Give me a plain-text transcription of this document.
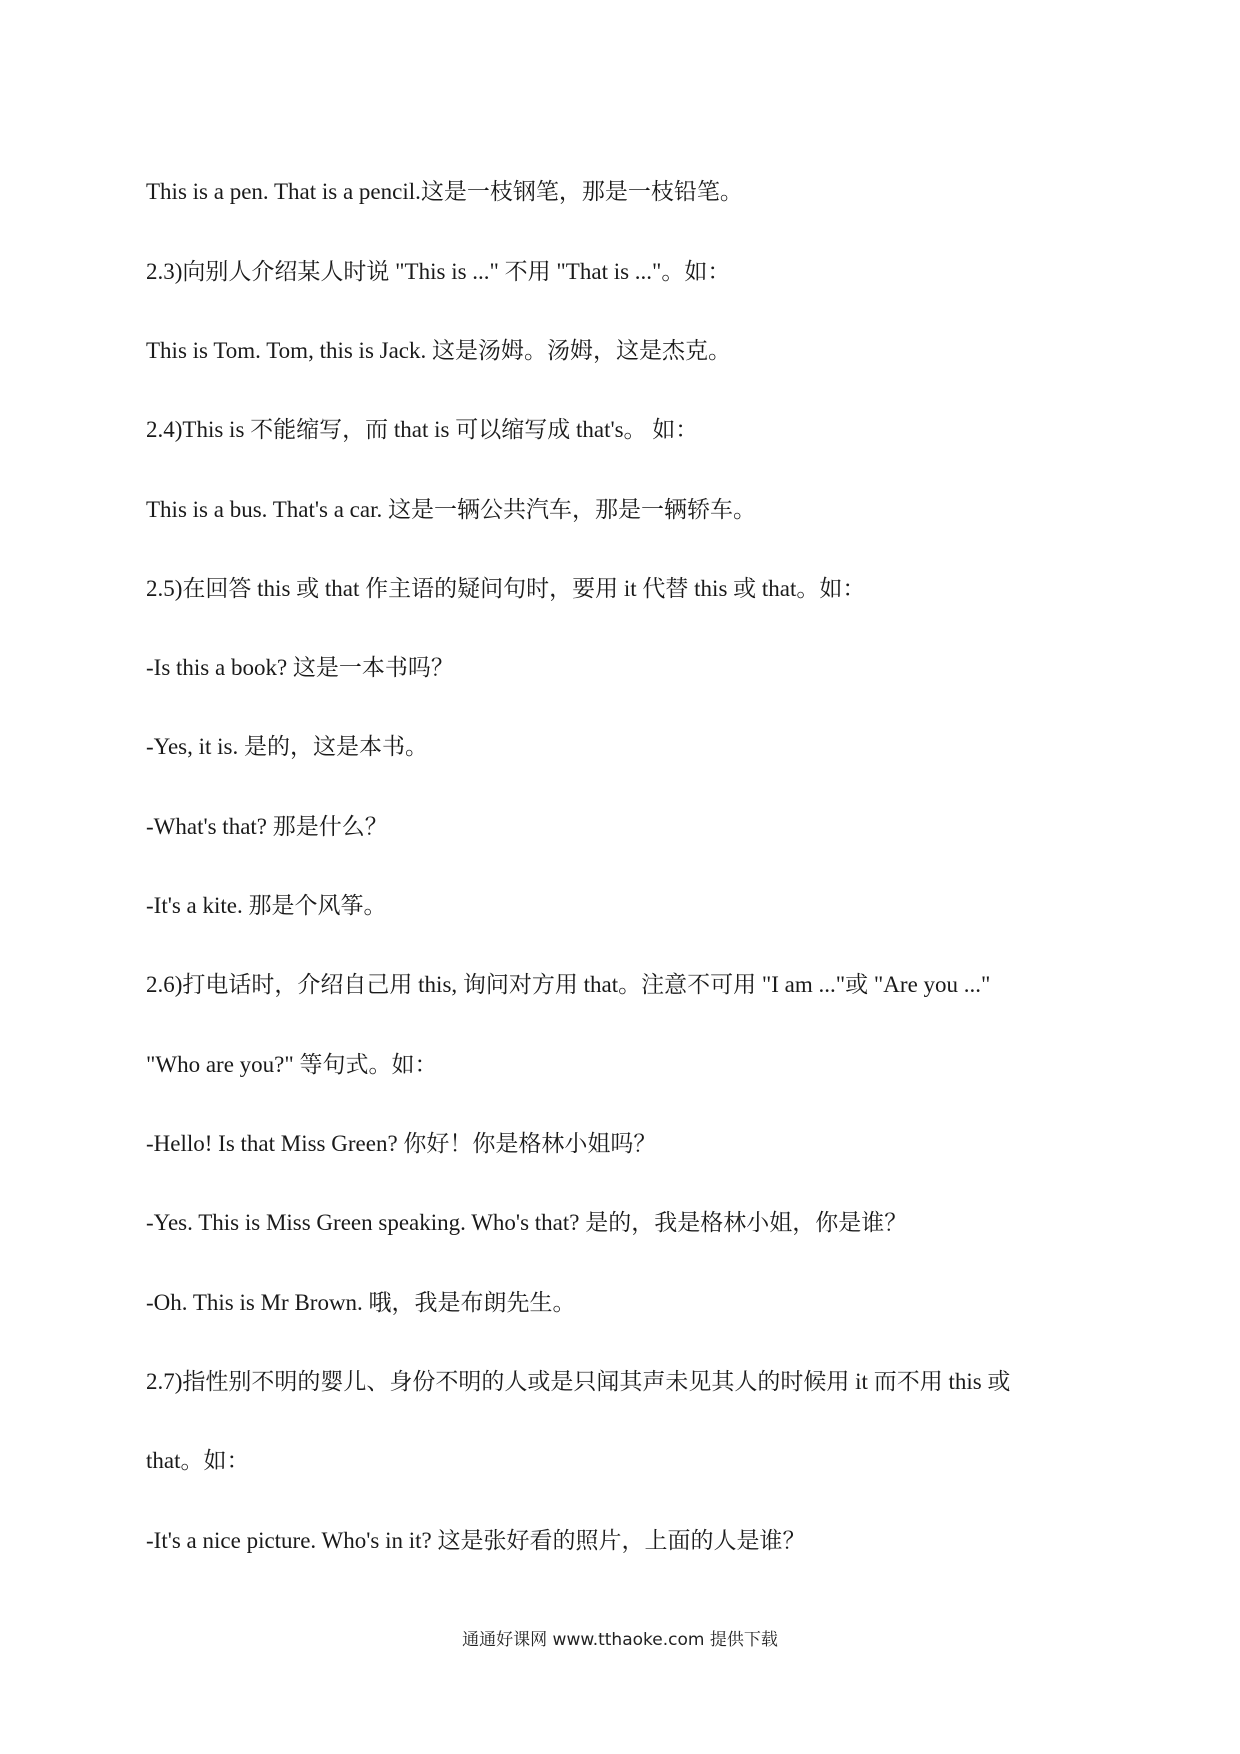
This is a pen. That is a pencil.这是一枝钢笔，那是一枝铅笔。
2.3)向别人介绍某人时说 "This is ..." 不用 "That is ..."。如：
This is Tom. Tom, this is Jack. 这是汤姆。汤姆，这是杰克。
2.4)This is 不能缩写，而 that is 可以缩写成 that's。 如：
This is a bus. That's a car. 这是一辆公共汽车，那是一辆轿车。
2.5)在回答 this 或 that 作主语的疑问句时，要用 it 代替 this 或 that。如：
-Is this a book? 这是一本书吗？
-Yes, it is. 是的，这是本书。
-What's that? 那是什么？
-It's a kite. 那是个风筝。
2.6)打电话时，介绍自己用 this, 询问对方用 that。注意不可用 "I am ..."或 "Are you ..."
"Who are you?" 等句式。如：
-Hello! Is that Miss Green? 你好！你是格林小姐吗？
-Yes. This is Miss Green speaking. Who's that? 是的，我是格林小姐，你是谁？
-Oh. This is Mr Brown. 哦，我是布朗先生。
2.7)指性别不明的婴儿、身份不明的人或是只闻其声未见其人的时候用 it 而不用 this 或
that。如：
-It's a nice picture. Who's in it? 这是张好看的照片，上面的人是谁？
通通好课网 www.tthaoke.com 提供下载
